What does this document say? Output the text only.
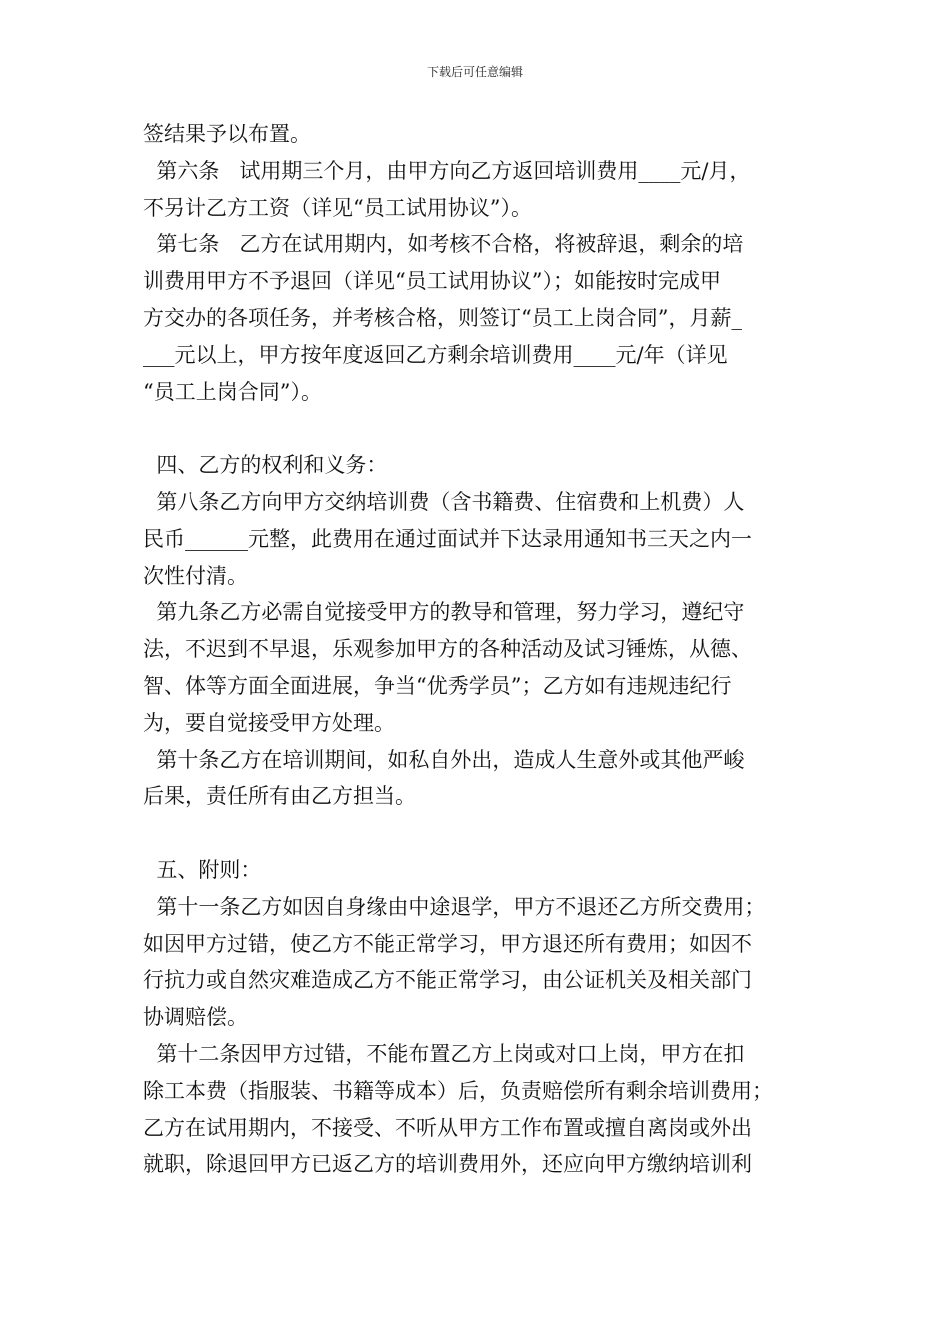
下载后可任意编辑
签结果予以布置。
第六条   试用期三个月，由甲方向乙方返回培训费用____元/月，
不另计乙方工资（详见“员工试用协议”）。
第七条   乙方在试用期内，如考核不合格，将被辞退，剩余的培
训费用甲方不予退回（详见“员工试用协议”）；如能按时完成甲
方交办的各项任务，并考核合格，则签订“员工上岗合同”，月薪_
___元以上，甲方按年度返回乙方剩余培训费用____元/年（详见
“员工上岗合同”）。
四、乙方的权利和义务：
第八条乙方向甲方交纳培训费（含书籍费、住宿费和上机费）人
民币______元整，此费用在通过面试并下达录用通知书三天之内一
次性付清。
第九条乙方必需自觉接受甲方的教导和管理，努力学习，遵纪守
法，不迟到不早退，乐观参加甲方的各种活动及试习锤炼，从德、
智、体等方面全面进展，争当“优秀学员”；乙方如有违规违纪行
为，要自觉接受甲方处理。
第十条乙方在培训期间，如私自外出，造成人生意外或其他严峻
后果，责任所有由乙方担当。
五、附则：
第十一条乙方如因自身缘由中途退学，甲方不退还乙方所交费用；
如因甲方过错，使乙方不能正常学习，甲方退还所有费用；如因不
行抗力或自然灾难造成乙方不能正常学习，由公证机关及相关部门
协调赔偿。
第十二条因甲方过错，不能布置乙方上岗或对口上岗，甲方在扣
除工本费（指服装、书籍等成本）后，负责赔偿所有剩余培训费用；
乙方在试用期内，不接受、不听从甲方工作布置或擅自离岗或外出
就职，除退回甲方已返乙方的培训费用外，还应向甲方缴纳培训利
